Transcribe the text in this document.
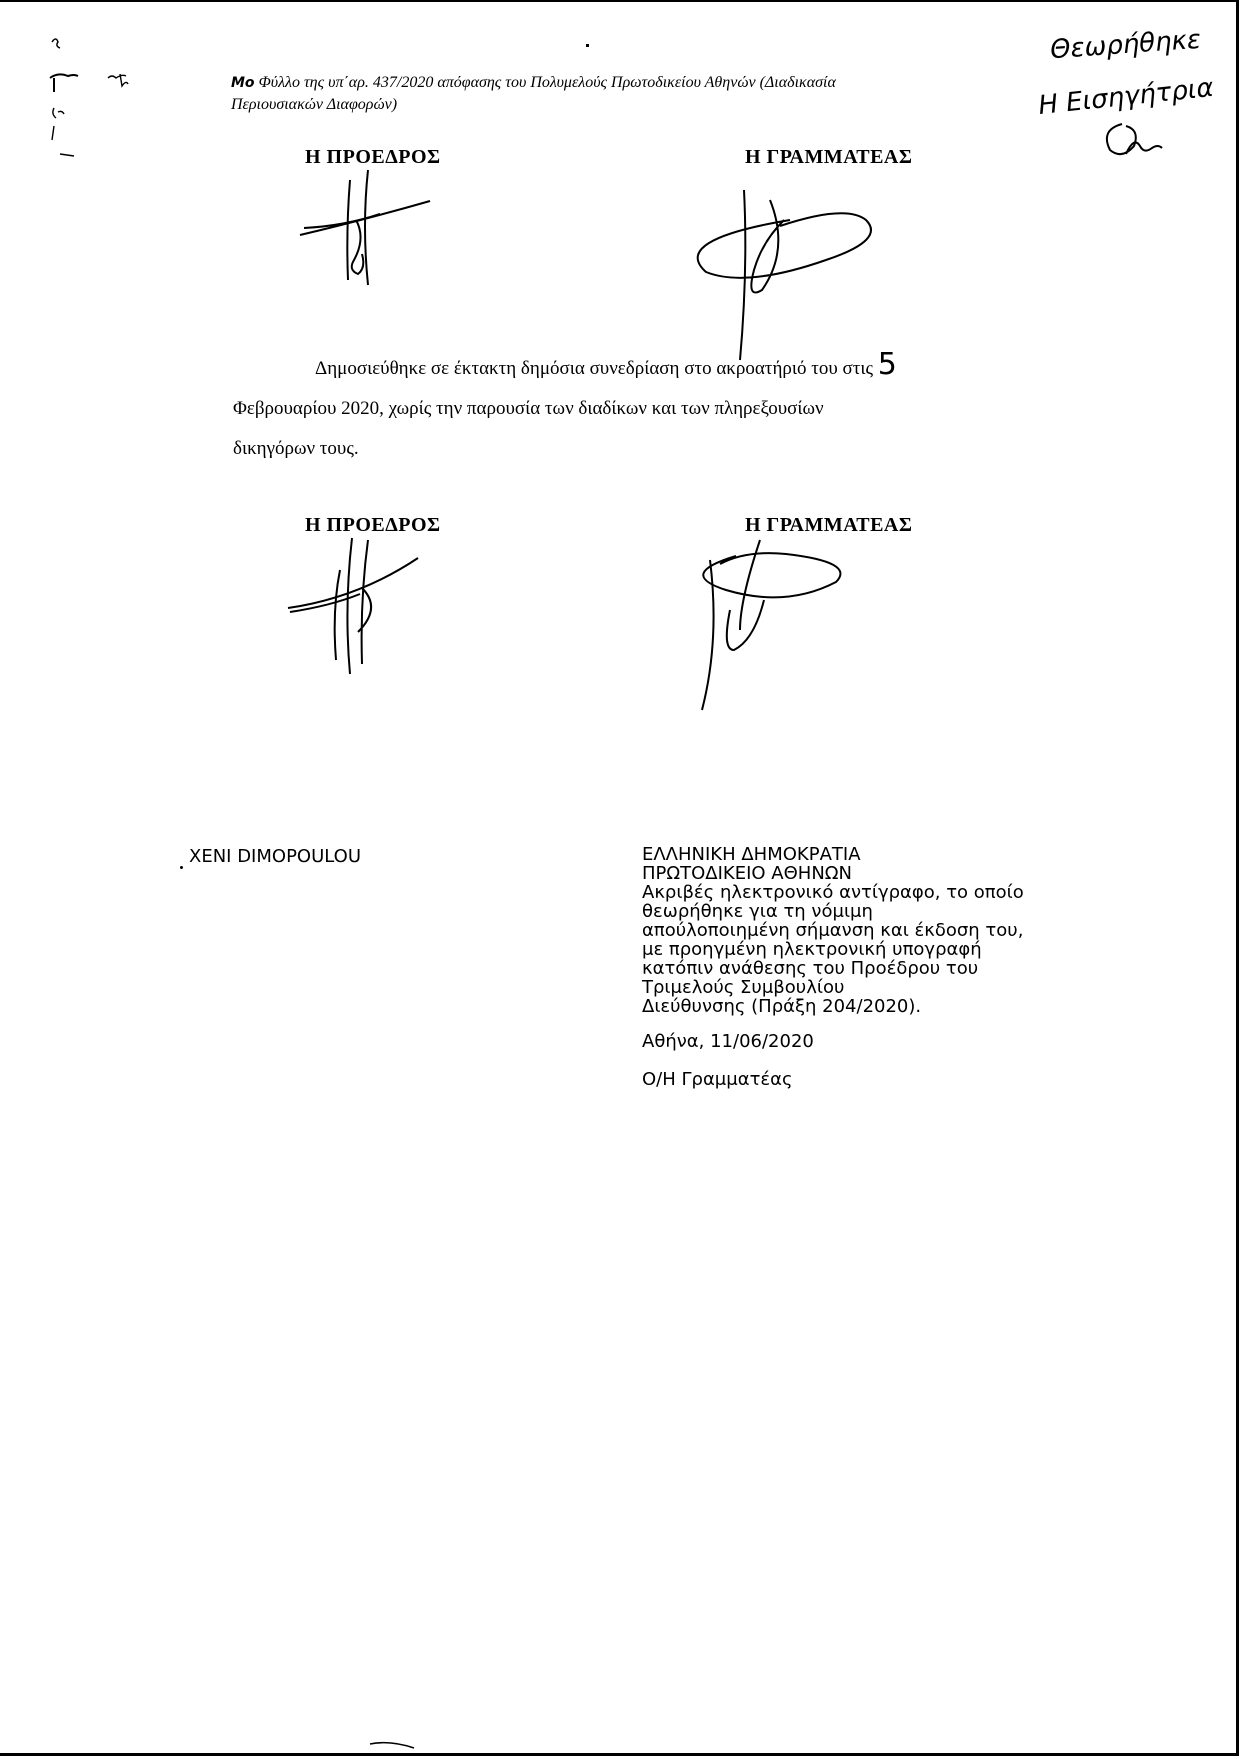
Μο Φύλλο της υπ΄αρ. 437/2020 απόφασης του Πολυμελούς Πρωτοδικείου Αθηνών (Διαδικασία
Περιουσιακών Διαφορών)
Θεωρήθηκε
Η Εισηγήτρια
Η ΠΡΟΕΔΡΟΣ	Η ΓΡΑΜΜΑΤΕΑΣ
Δημοσιεύθηκε σε έκτακτη δημόσια συνεδρίαση στο ακροατήριό του στις 5
Φεβρουαρίου 2020, χωρίς την παρουσία των διαδίκων και των πληρεξουσίων
δικηγόρων τους.
Η ΠΡΟΕΔΡΟΣ	Η ΓΡΑΜΜΑΤΕΑΣ
XENI DIMOPOULOU	ΕΛΛΗΝΙΚΗ ΔΗΜΟΚΡΑΤΙΑ
ΠΡΩΤΟΔΙΚΕΙΟ ΑΘΗΝΩΝ
Ακριβές ηλεκτρονικό αντίγραφο, το οποίο
θεωρήθηκε για τη νόμιμη
απούλοποιημένη σήμανση και έκδοση του,
με προηγμένη ηλεκτρονική υπογραφή
κατόπιν ανάθεσης του Προέδρου του
Τριμελούς Συμβουλίου
Διεύθυνσης (Πράξη 204/2020).
Αθήνα, 11/06/2020
Ο/Η Γραμματέας
